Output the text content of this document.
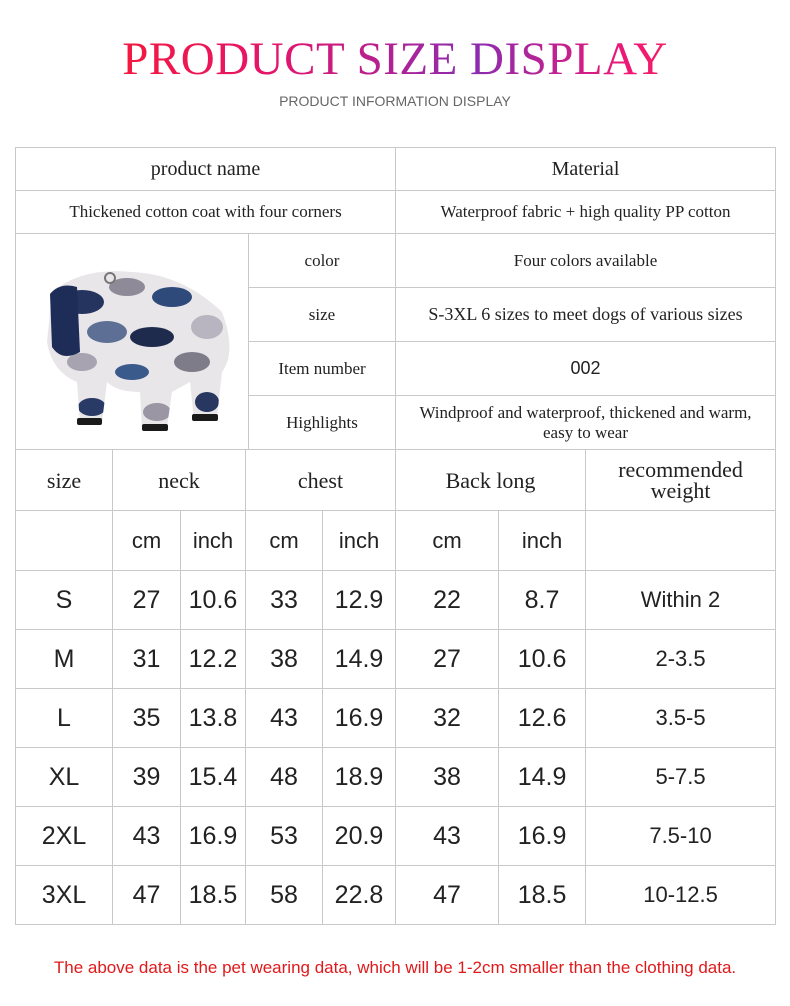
PRODUCT SIZE DISPLAY
PRODUCT INFORMATION DISPLAY
product name		Material
Thickened cotton coat with four corners		Waterproof fabric + high quality PP cotton

	color	Four colors available
	size	S-3XL 6 sizes to meet dogs of various sizes
	Item number	002
	Highlights	Windproof and waterproof, thickened and warm, easy to wear
size	neck		chest		Back long		recommended weight
	cm	inch	cm	inch	cm	inch	
S	27	10.6	33	12.9	22	8.7	Within 2
M	31	12.2	38	14.9	27	10.6	2-3.5
L	35	13.8	43	16.9	32	12.6	3.5-5
XL	39	15.4	48	18.9	38	14.9	5-7.5
2XL	43	16.9	53	20.9	43	16.9	7.5-10
3XL	47	18.5	58	22.8	47	18.5	10-12.5
The above data is the pet wearing data, which will be 1-2cm smaller than the clothing data.
